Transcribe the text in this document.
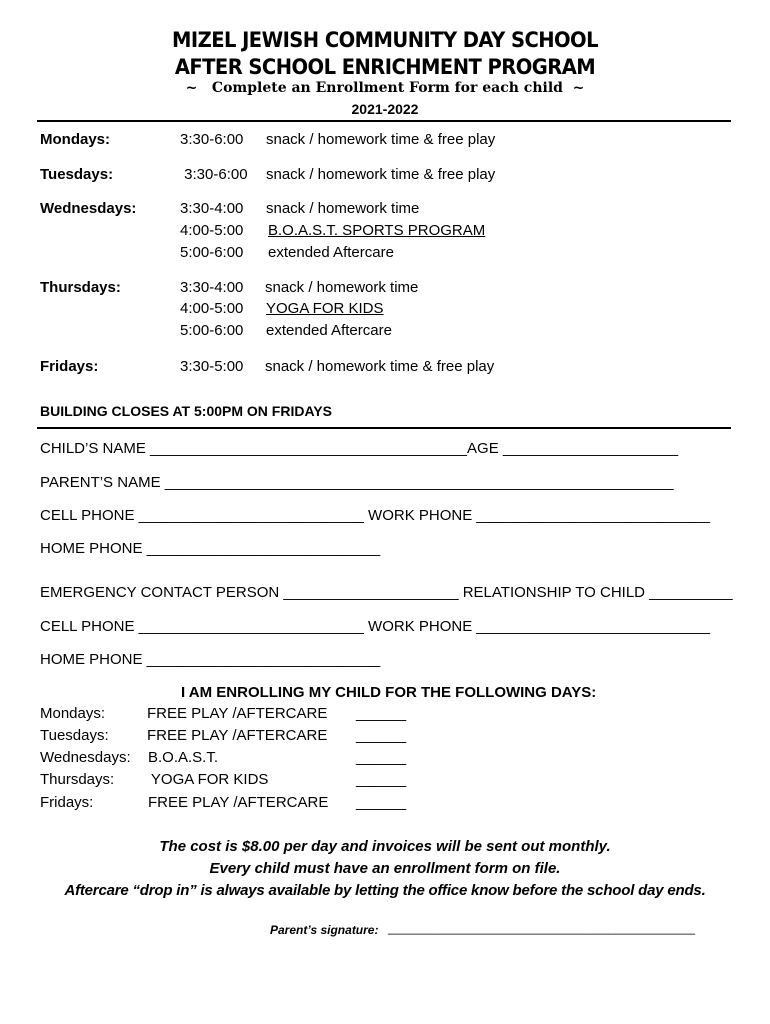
MIZEL JEWISH COMMUNITY DAY SCHOOL
AFTER SCHOOL ENRICHMENT PROGRAM
~   Complete an Enrollment Form for each child  ~
2021-2022
Mondays:	3:30-6:00 snack / homework time & free play
Tuesdays:	3:30-6:00 snack / homework time & free play
Wednesdays:	3:30-4:00 snack / homework time
4:00-5:00 B.O.A.S.T. SPORTS PROGRAM
5:00-6:00 extended Aftercare
Thursdays:	3:30-4:00 snack / homework time
4:00-5:00 YOGA FOR KIDS
5:00-6:00 extended Aftercare
Fridays:	3:30-5:00 snack / homework time & free play
BUILDING CLOSES AT 5:00PM ON FRIDAYS
CHILD’S NAME ______________________________________AGE _____________________
PARENT’S NAME _____________________________________________________________
CELL PHONE ___________________________ WORK PHONE ____________________________
HOME PHONE ____________________________
EMERGENCY CONTACT PERSON _____________________ RELATIONSHIP TO CHILD __________
CELL PHONE ___________________________ WORK PHONE ____________________________
HOME PHONE ____________________________
I AM ENROLLING MY CHILD FOR THE FOLLOWING DAYS:
Mondays:	FREE PLAY /AFTERCARE ______
Tuesdays:	FREE PLAY /AFTERCARE ______
Wednesdays: B.O.A.S.T.	______
Thursdays: YOGA FOR KIDS	______
Fridays:	FREE PLAY /AFTERCARE ______
The cost is $8.00 per day and invoices will be sent out monthly.
Every child must have an enrollment form on file.
Aftercare “drop in” is always available by letting the office know before the school day ends.
Parent’s signature: ______________________________________________
